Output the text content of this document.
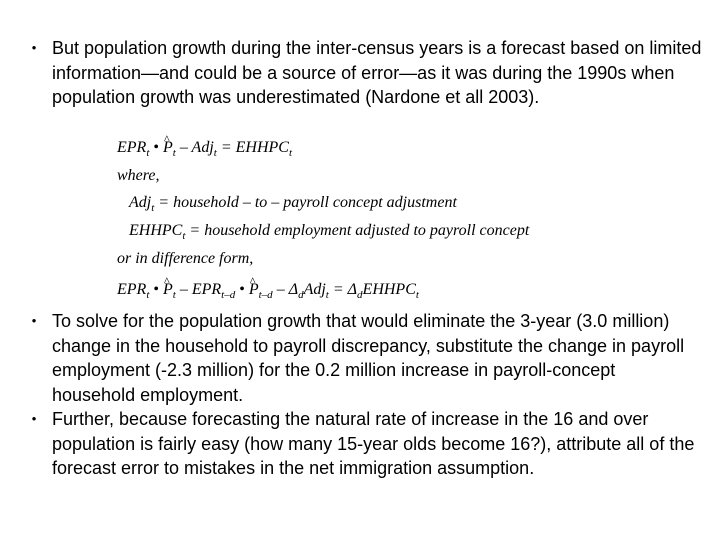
• But population growth during the inter-census years is a forecast based on limited information—and could be a source of error—as it was during the 1990s when population growth was underestimated (Nardone et all 2003).
$EPR_t$ • ^ $P_t - Adj_t$ = $EHHPC_t$
where,
Adj$_t$ = household – to – payroll concept adjustment
$EHHPC_t$ = household employment adjusted to payroll concept
or in difference form,
$EPR_t$ • ^ $P_t - EPR_{t-d}$ • ^ $P_{t-d} - \Delta_dAdj_t$ = $\Delta_dEHHPC_t$
• To solve for the population growth that would eliminate the 3-year (3.0 million) change in the household to payroll discrepancy, substitute the change in payroll employment (-2.3 million) for the 0.2 million increase in payroll-concept household employment.
• Further, because forecasting the natural rate of increase in the 16 and over population is fairly easy (how many 15-year olds become 16?), attribute all of the forecast error to mistakes in the net immigration assumption.
